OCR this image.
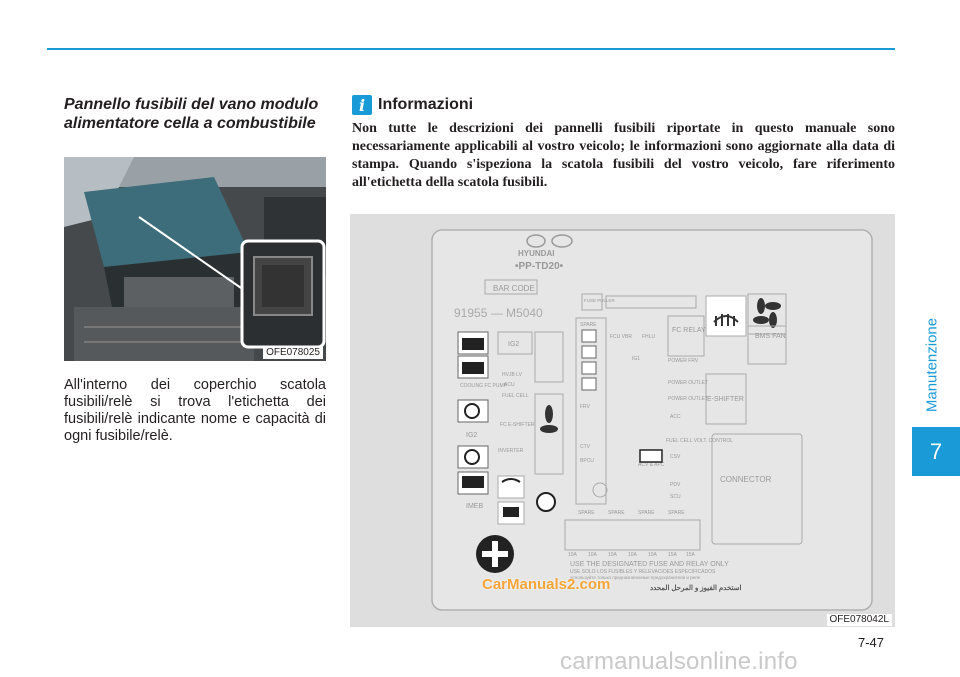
Manutenzione
7
Pannello fusibili del vano modulo alimentatore cella a combustibile
OFE078025
All'interno dei coperchio scatola fusibili/relè si trova l'etichetta dei fusibili/relè indicante nome e capacità di ogni fusibile/relè.
i Informazioni
Non tutte le descrizioni dei pannelli fusibili riportate in questo manuale sono necessariamente applicabili al vostro veicolo; le informazioni sono aggiornate alla data di stampa. Quando s'ispeziona la scatola fusibili del vostro veicolo, fare riferimento all'etichetta della scatola fusibili.
HYUNDAI
•PP-TD20•
BAR CODE
91955 — M5040
FUSE PULLER
BMS FAN
FC RELAY
E-SHIFTER
CONNECTOR
COOLING FC PUMP
IG2
IMEB
IG2
HVJB LV
ACU
FUEL CELL
FC E-SHIFTER
INVERTER
SPARE
FCU VBR FHLU
IG1
FRV
CTV
BPCU
ACV & APC
POWER FRV
POWER OUTLET
POWER OUTLET
ACC
FUEL CELL VOLT. CONTROL
CSV
PDV
SCU
SPARE	SPARE	SPARE	SPARE
10A 10A 10A 10A 10A 15A 15A
USE THE DESIGNATED FUSE AND RELAY ONLY
USE SOLO LOS FUSIBLES Y RELEVACIOES ESPECIFICADOS
используйте только предназначенные предохранители и реле
استخدم الفيوز و المرحل المحدد
OFE078042L
CarManuals2.com
7-47
carmanualsonline.info
